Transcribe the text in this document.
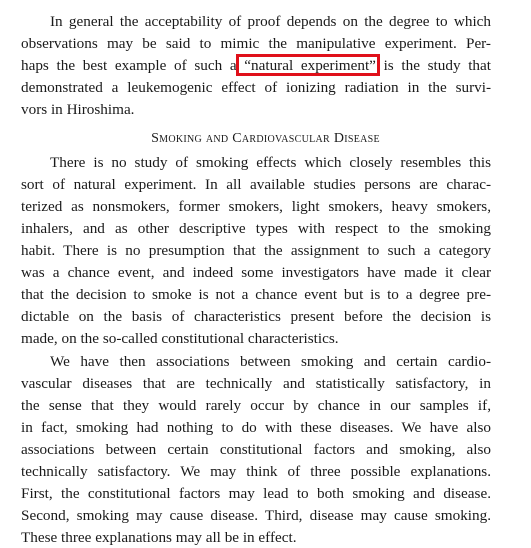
In general the acceptability of proof depends on the degree to which
observations may be said to mimic the manipulative experiment. Per-
haps the best example of such a “natural experiment” is the study that
demonstrated a leukemogenic effect of ionizing radiation in the survi-
vors in Hiroshima.
Smoking and Cardiovascular Disease
There is no study of smoking effects which closely resembles this
sort of natural experiment. In all available studies persons are charac-
terized as nonsmokers, former smokers, light smokers, heavy smokers,
inhalers, and as other descriptive types with respect to the smoking
habit. There is no presumption that the assignment to such a category
was a chance event, and indeed some investigators have made it clear
that the decision to smoke is not a chance event but is to a degree pre-
dictable on the basis of characteristics present before the decision is
made, on the so-called constitutional characteristics.
We have then associations between smoking and certain cardio-
vascular diseases that are technically and statistically satisfactory, in
the sense that they would rarely occur by chance in our samples if,
in fact, smoking had nothing to do with these diseases. We have also
associations between certain constitutional factors and smoking, also
technically satisfactory. We may think of three possible explanations.
First, the constitutional factors may lead to both smoking and disease.
Second, smoking may cause disease. Third, disease may cause smoking.
These three explanations may all be in effect.
